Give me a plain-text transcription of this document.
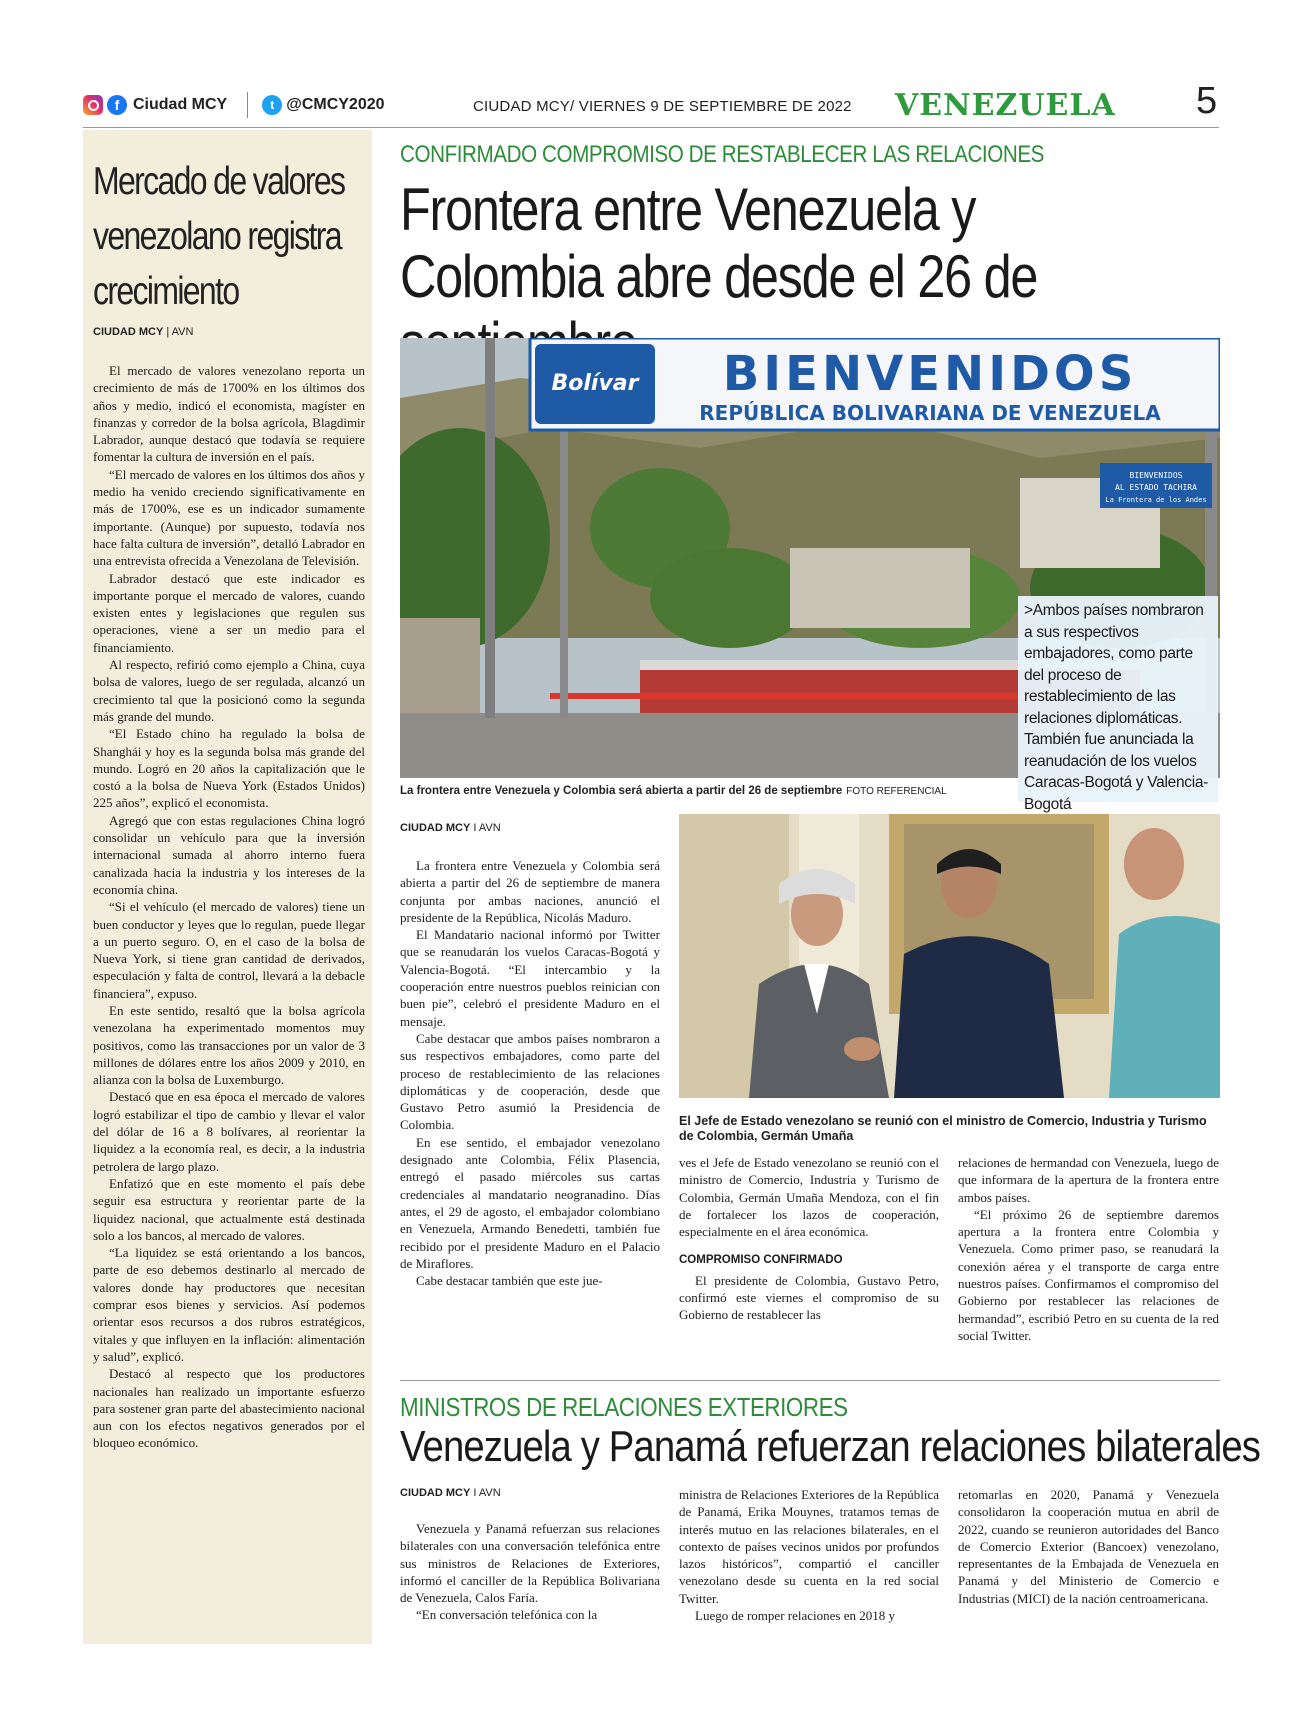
f Ciudad MCY	t @CMCY2020	CIUDAD MCY/ VIERNES 9 DE SEPTIEMBRE DE 2022 VENEZUELA 5
Mercado de valores venezolano registra crecimiento
CIUDAD MCY | AVN

El mercado de valores venezolano reporta un crecimiento de más de 1700% en los últimos dos años y medio, indicó el economista, magíster en finanzas y corredor de la bolsa agrícola, Blagdimir Labrador, aunque destacó que todavía se requiere fomentar la cultura de inversión en el país.

“El mercado de valores en los últimos dos años y medio ha venido creciendo significativamente en más de 1700%, ese es un indicador sumamente importante. (Aunque) por supuesto, todavía nos hace falta cultura de inversión”, detalló Labrador en una entrevista ofrecida a Venezolana de Televisión.

Labrador destacó que este indicador es importante porque el mercado de valores, cuando existen entes y legislaciones que regulen sus operaciones, viene a ser un medio para el financiamiento.

Al respecto, refirió como ejemplo a China, cuya bolsa de valores, luego de ser regulada, alcanzó un crecimiento tal que la posicionó como la segunda más grande del mundo.

“El Estado chino ha regulado la bolsa de Shanghái y hoy es la segunda bolsa más grande del mundo. Logró en 20 años la capitalización que le costó a la bolsa de Nueva York (Estados Unidos) 225 años”, explicó el economista.

Agregó que con estas regulaciones China logró consolidar un vehículo para que la inversión internacional sumada al ahorro interno fuera canalizada hacia la industria y los intereses de la economía china.

“Si el vehículo (el mercado de valores) tiene un buen conductor y leyes que lo regulan, puede llegar a un puerto seguro. O, en el caso de la bolsa de Nueva York, si tiene gran cantidad de derivados, especulación y falta de control, llevará a la debacle financiera”, expuso.

En este sentido, resaltó que la bolsa agrícola venezolana ha experimentado momentos muy positivos, como las transacciones por un valor de 3 millones de dólares entre los años 2009 y 2010, en alianza con la bolsa de Luxemburgo.

Destacó que en esa época el mercado de valores logró estabilizar el tipo de cambio y llevar el valor del dólar de 16 a 8 bolívares, al reorientar la liquidez a la economía real, es decir, a la industria petrolera de largo plazo.

Enfatizó que en este momento el país debe seguir esa estructura y reorientar parte de la liquidez nacional, que actualmente está destinada solo a los bancos, al mercado de valores.

“La liquidez se está orientando a los bancos, parte de eso debemos destinarlo al mercado de valores donde hay productores que necesitan comprar esos bienes y servicios. Así podemos orientar esos recursos a dos rubros estratégicos, vitales y que influyen en la inflación: alimentación y salud”, explicó.

Destacó al respecto que los productores nacionales han realizado un importante esfuerzo para sostener gran parte del abastecimiento nacional aun con los efectos negativos generados por el bloqueo económico.

CONFIRMADO COMPROMISO DE RESTABLECER LAS RELACIONES
Frontera entre Venezuela y Colombia abre desde el 26 de
Bolívar BIENVENIDOS
REPÚBLICA BOLIVARIANA DE VENEZUELA
BIENVENIDOS
AL ESTADO TACHIRA
La Frontera de los Andes
>Ambos países nombraron a sus respectivos embajadores, como parte del proceso de restablecimiento de las relaciones diplomáticas. También fue anunciada la reanudación de los vuelos Caracas-Bogotá y Valencia-Bogotá
La frontera entre Venezuela y Colombia será abierta a partir del 26 de septiembre FOTO REFERENCIAL
CIUDAD MCY I AVN

La frontera entre Venezuela y Colombia será abierta a partir del 26 de septiembre de manera conjunta por ambas naciones, anunció el presidente de la República, Nicolás Maduro.

El Mandatario nacional informó por Twitter que se reanudarán los vuelos Caracas-Bogotá y Valencia-Bogotá. “El intercambio y la cooperación entre nuestros pueblos reinician con buen pie”, celebró el presidente Maduro en el mensaje.

Cabe destacar que ambos países nombraron a sus respectivos embajadores, como parte del proceso de restablecimiento de las relaciones diplomáticas y de cooperación, desde que Gustavo Petro asumió la Presidencia de Colombia.

En ese sentido, el embajador venezolano designado ante Colombia, Félix Plasencia, entregó el pasado miércoles sus cartas credenciales al mandatario neogranadino. Días antes, el 29 de agosto, el embajador colombiano en Venezuela, Armando Benedetti, también fue recibido por el presidente Maduro en el Palacio de Miraflores.

Cabe destacar también que este jue-

El Jefe de Estado venezolano se reunió con el ministro de Comercio, Industria y Turismo de Colombia, Germán Umaña

ves el Jefe de Estado venezolano se reunió con el ministro de Comercio, Industria y Turismo de Colombia, Germán Umaña Mendoza, con el fin de fortalecer los lazos de cooperación, especialmente en el área económica.

COMPROMISO CONFIRMADO

El presidente de Colombia, Gustavo Petro, confirmó este viernes el compromiso de su Gobierno de restablecer las

relaciones de hermandad con Venezuela, luego de que informara de la apertura de la frontera entre ambos países.

“El próximo 26 de septiembre daremos apertura a la frontera entre Colombia y Venezuela. Como primer paso, se reanudará la conexión aérea y el transporte de carga entre nuestros países. Confirmamos el compromiso del Gobierno por restablecer las relaciones de hermandad”, escribió Petro en su cuenta de la red social Twitter.

MINISTROS DE RELACIONES EXTERIORES
Venezuela y Panamá refuerzan relaciones bilaterales
CIUDAD MCY I AVN

Venezuela y Panamá refuerzan sus relaciones bilaterales con una conversación telefónica entre sus ministros de Relaciones de Exteriores, informó el canciller de la República Bolivariana de Venezuela, Calos Faría.

“En conversación telefónica con la

ministra de Relaciones Exteriores de la República de Panamá, Erika Mouynes, tratamos temas de interés mutuo en las relaciones bilaterales, en el contexto de países vecinos unidos por profundos lazos históricos”, compartió el canciller venezolano desde su cuenta en la red social Twitter.

Luego de romper relaciones en 2018 y

retomarlas en 2020, Panamá y Venezuela consolidaron la cooperación mutua en abril de 2022, cuando se reunieron autoridades del Banco de Comercio Exterior (Bancoex) venezolano, representantes de la Embajada de Venezuela en Panamá y del Ministerio de Comercio e Industrias (MICI) de la nación centroamericana.
